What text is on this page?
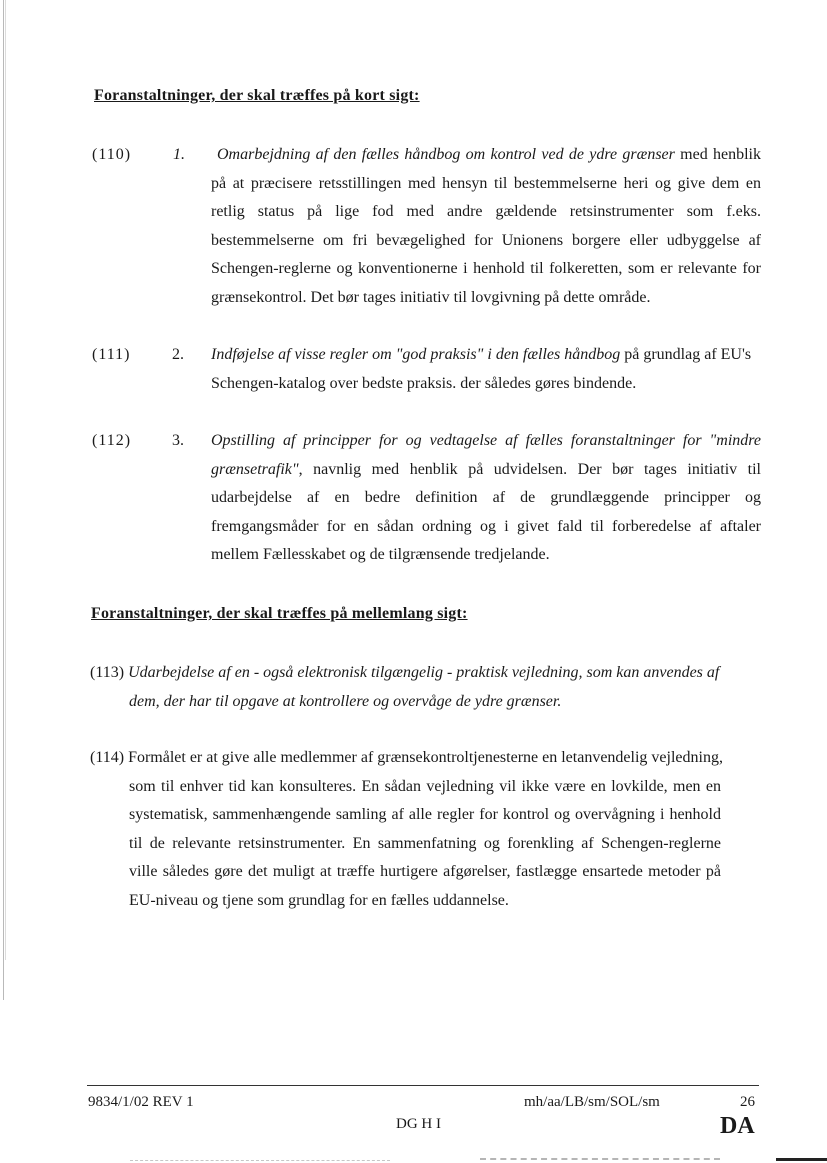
Foranstaltninger, der skal træffes på kort sigt:
(110)	1.	Omarbejdning af den fælles håndbog om kontrol ved de ydre grænser med henblik på at præcisere retsstillingen med hensyn til bestemmelserne heri og give dem en retlig status på lige fod med andre gældende retsinstrumenter som f.eks. bestemmelserne om fri bevægelighed for Unionens borgere eller udbyggelse af Schengen-reglerne og konventionerne i henhold til folkeretten, som er relevante for grænsekontrol. Det bør tages initiativ til lovgivning på dette område.
(111)	2. Indføjelse af visse regler om "god praksis" i den fælles håndbog på grundlag af EU's Schengen-katalog over bedste praksis. der således gøres bindende.
(112)	3. Opstilling af principper for og vedtagelse af fælles foranstaltninger for "mindre grænsetrafik", navnlig med henblik på udvidelsen. Der bør tages initiativ til udarbejdelse af en bedre definition af de grundlæggende principper og fremgangsmåder for en sådan ordning og i givet fald til forberedelse af aftaler mellem Fællesskabet og de tilgrænsende tredjelande.
Foranstaltninger, der skal træffes på mellemlang sigt:
(113) Udarbejdelse af en - også elektronisk tilgængelig - praktisk vejledning, som kan anvendes af
dem, der har til opgave at kontrollere og overvåge de ydre grænser.
(114) Formålet er at give alle medlemmer af grænsekontroltjenesterne en letanvendelig vejledning,
som til enhver tid kan konsulteres. En sådan vejledning vil ikke være en lovkilde, men en systematisk, sammenhængende samling af alle regler for kontrol og overvågning i henhold til de relevante retsinstrumenter. En sammenfatning og forenkling af Schengen-reglerne ville således gøre det muligt at træffe hurtigere afgørelser, fastlægge ensartede metoder på EU-niveau og tjene som grundlag for en fælles uddannelse.
9834/1/02 REV 1	mh/aa/LB/sm/SOL/sm	26
DG H I	DA
